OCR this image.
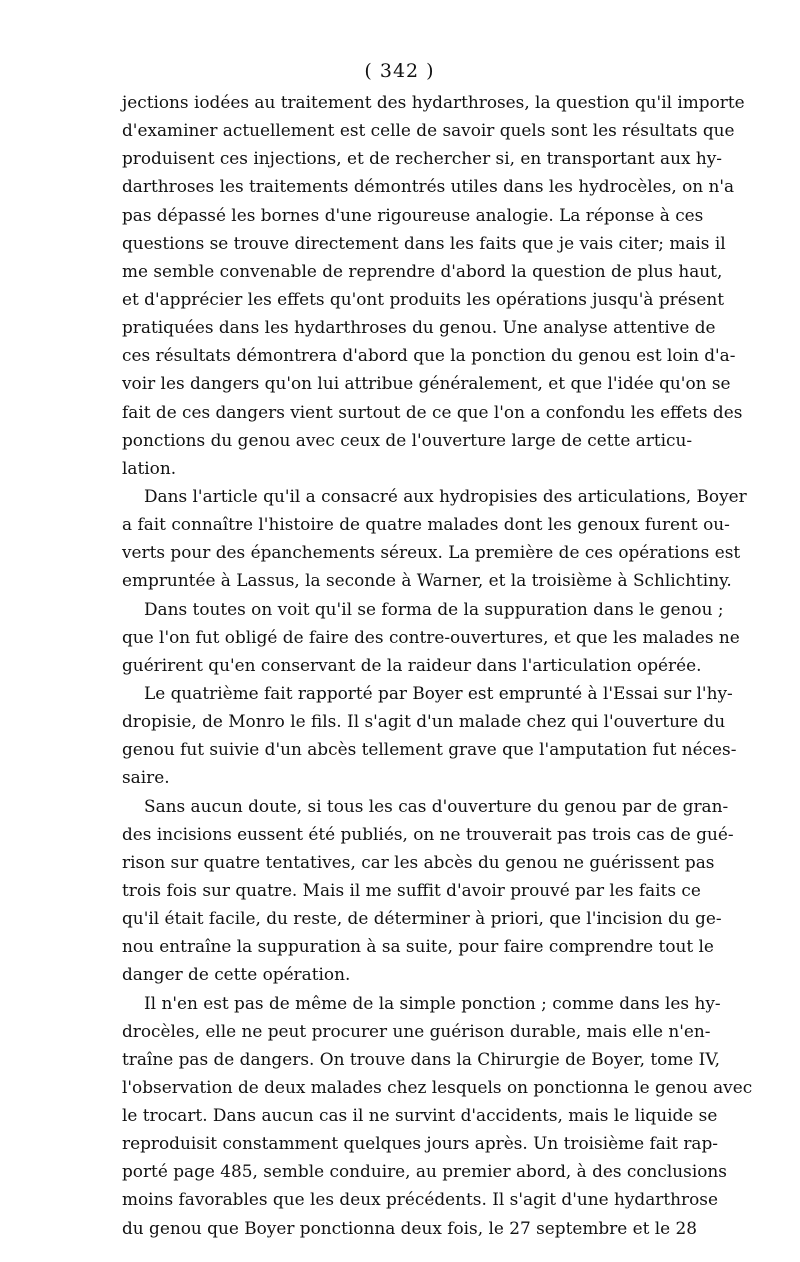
( 342 )
jections iodées au traitement des hydarthroses, la question qu'il importe
d'examiner actuellement est celle de savoir quels sont les résultats que
produisent ces injections, et de rechercher si, en transportant aux hy-
darthroses les traitements démontrés utiles dans les hydrocèles, on n'a
pas dépassé les bornes d'une rigoureuse analogie. La réponse à ces
questions se trouve directement dans les faits que je vais citer; mais il
me semble convenable de reprendre d'abord la question de plus haut,
et d'apprécier les effets qu'ont produits les opérations jusqu'à présent
pratiquées dans les hydarthroses du genou. Une analyse attentive de
ces résultats démontrera d'abord que la ponction du genou est loin d'a-
voir les dangers qu'on lui attribue généralement, et que l'idée qu'on se
fait de ces dangers vient surtout de ce que l'on a confondu les effets des
ponctions du genou avec ceux de l'ouverture large de cette articu-
lation.
Dans l'article qu'il a consacré aux hydropisies des articulations, Boyer
a fait connaître l'histoire de quatre malades dont les genoux furent ou-
verts pour des épanchements séreux. La première de ces opérations est
empruntée à Lassus, la seconde à Warner, et la troisième à Schlichtiny.
Dans toutes on voit qu'il se forma de la suppuration dans le genou ;
que l'on fut obligé de faire des contre-ouvertures, et que les malades ne
guérirent qu'en conservant de la raideur dans l'articulation opérée.
Le quatrième fait rapporté par Boyer est emprunté à l'Essai sur l'hy-
dropisie, de Monro le fils. Il s'agit d'un malade chez qui l'ouverture du
genou fut suivie d'un abcès tellement grave que l'amputation fut néces-
saire.
Sans aucun doute, si tous les cas d'ouverture du genou par de gran-
des incisions eussent été publiés, on ne trouverait pas trois cas de gué-
rison sur quatre tentatives, car les abcès du genou ne guérissent pas
trois fois sur quatre. Mais il me suffit d'avoir prouvé par les faits ce
qu'il était facile, du reste, de déterminer à priori, que l'incision du ge-
nou entraîne la suppuration à sa suite, pour faire comprendre tout le
danger de cette opération.
Il n'en est pas de même de la simple ponction ; comme dans les hy-
drocèles, elle ne peut procurer une guérison durable, mais elle n'en-
traîne pas de dangers. On trouve dans la Chirurgie de Boyer, tome IV,
l'observation de deux malades chez lesquels on ponctionna le genou avec
le trocart. Dans aucun cas il ne survint d'accidents, mais le liquide se
reproduisit constamment quelques jours après. Un troisième fait rap-
porté page 485, semble conduire, au premier abord, à des conclusions
moins favorables que les deux précédents. Il s'agit d'une hydarthrose
du genou que Boyer ponctionna deux fois, le 27 septembre et le 28
